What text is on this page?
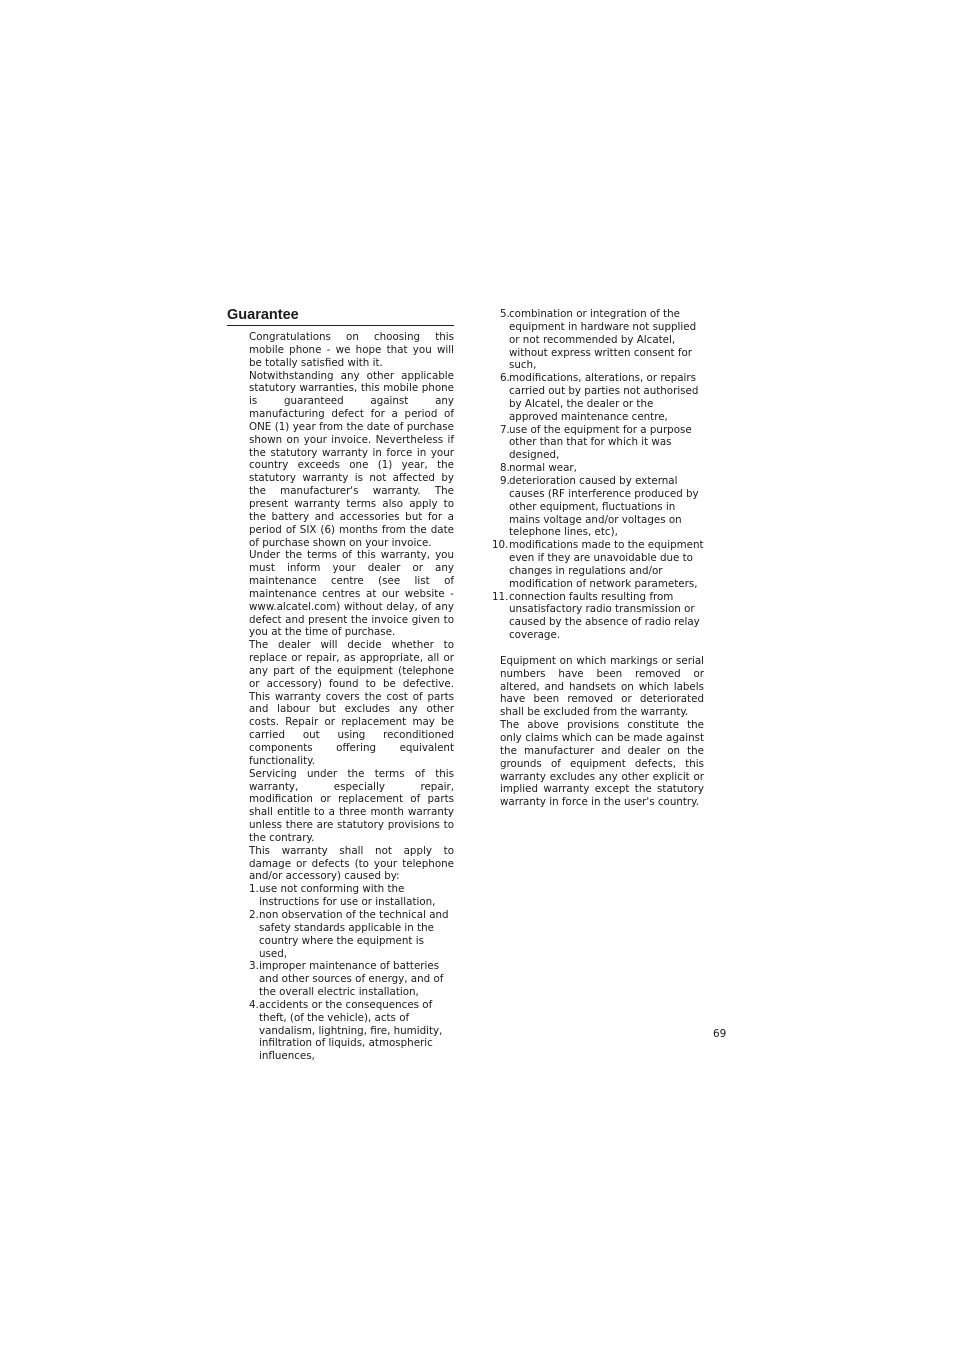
Guarantee

Congratulations on choosing this mobile phone - we hope that you will be totally satisfied with it.

Notwithstanding any other applicable statutory warranties, this mobile phone is guaranteed against any manufacturing defect for a period of ONE (1) year from the date of purchase shown on your invoice. Nevertheless if the statutory warranty in force in your country exceeds one (1) year, the statutory warranty is not affected by the manufacturer's warranty. The present warranty terms also apply to the battery and accessories but for a period of SIX (6) months from the date of purchase shown on your invoice.

Under the terms of this warranty, you must inform your dealer or any maintenance centre (see list of maintenance centres at our website - www.alcatel.com) without delay, of any defect and present the invoice given to you at the time of purchase.

The dealer will decide whether to replace or repair, as appropriate, all or any part of the equipment (telephone or accessory) found to be defective. This warranty covers the cost of parts and labour but excludes any other costs. Repair or replacement may be carried out using reconditioned components offering equivalent functionality.

Servicing under the terms of this warranty, especially repair, modification or replacement of parts shall entitle to a three month warranty unless there are statutory provisions to the contrary.

This warranty shall not apply to damage or defects (to your telephone and/or accessory) caused by:

1. use not conforming with the instructions for use or installation,
2. non observation of the technical and safety standards applicable in the country where the equipment is used,
3. improper maintenance of batteries and other sources of energy, and of the overall electric installation,
4. accidents or the consequences of theft, (of the vehicle), acts of vandalism, lightning, fire, humidity, infiltration of liquids, atmospheric influences,
5. combination or integration of the equipment in hardware not supplied or not recommended by Alcatel, without express written consent for such,
6. modifications, alterations, or repairs carried out by parties not authorised by Alcatel, the dealer or the approved maintenance centre,
7. use of the equipment for a purpose other than that for which it was designed,
8. normal wear,
9. deterioration caused by external causes (RF interference produced by other equipment, fluctuations in mains voltage and/or voltages on telephone lines, etc),
10. modifications made to the equipment even if they are unavoidable due to changes in regulations and/or modification of network parameters,
11. connection faults resulting from unsatisfactory radio transmission or caused by the absence of radio relay coverage.

Equipment on which markings or serial numbers have been removed or altered, and handsets on which labels have been removed or deteriorated shall be excluded from the warranty.

The above provisions constitute the only claims which can be made against the manufacturer and dealer on the grounds of equipment defects, this warranty excludes any other explicit or implied warranty except the statutory warranty in force in the user's country.

69
